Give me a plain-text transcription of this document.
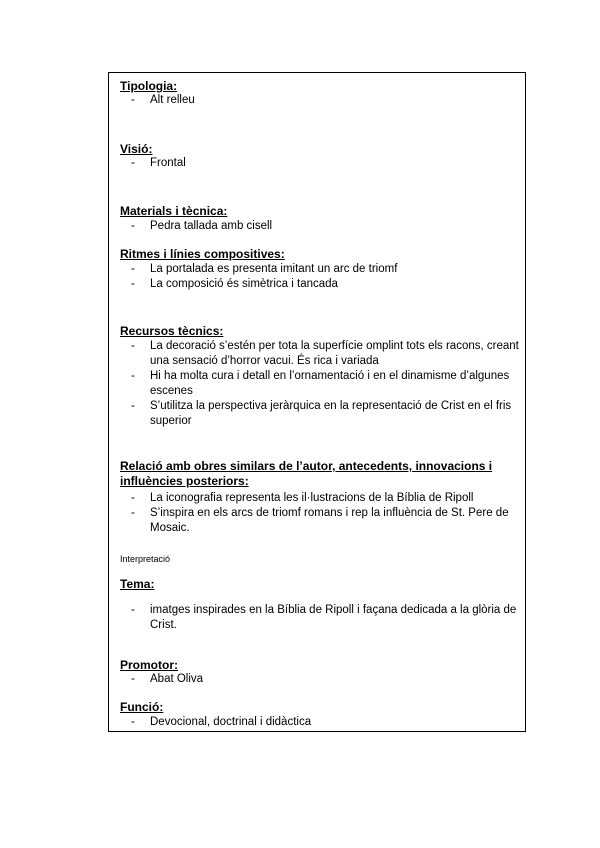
Tipologia:
- Alt relleu
Visió:
- Frontal
Materials i tècnica:
- Pedra tallada amb cisell
Ritmes i línies compositives:
- La portalada es presenta imitant un arc de triomf
- La composició és simètrica i tancada
Recursos tècnics:
- La decoració s’estén per tota la superfície omplint tots els racons, creant una sensació d’horror vacui. És rica i variada
- Hi ha molta cura i detall en l’ornamentació i en el dinamisme d’algunes escenes
- S’utilitza la perspectiva jeràrquica en la representació de Crist en el fris superior
Relació amb obres similars de l’autor, antecedents, innovacions i influències posteriors:
- La iconografia representa les il·lustracions de la Bíblia de Ripoll
- S’inspira en els arcs de triomf romans i rep la influència de St. Pere de Mosaic.
Interpretació
Tema:
- imatges inspirades en la Bíblia de Ripoll i façana dedicada a la glòria de Crist.
Promotor:
- Abat Oliva
Funció:
- Devocional, doctrinal i didàctica
